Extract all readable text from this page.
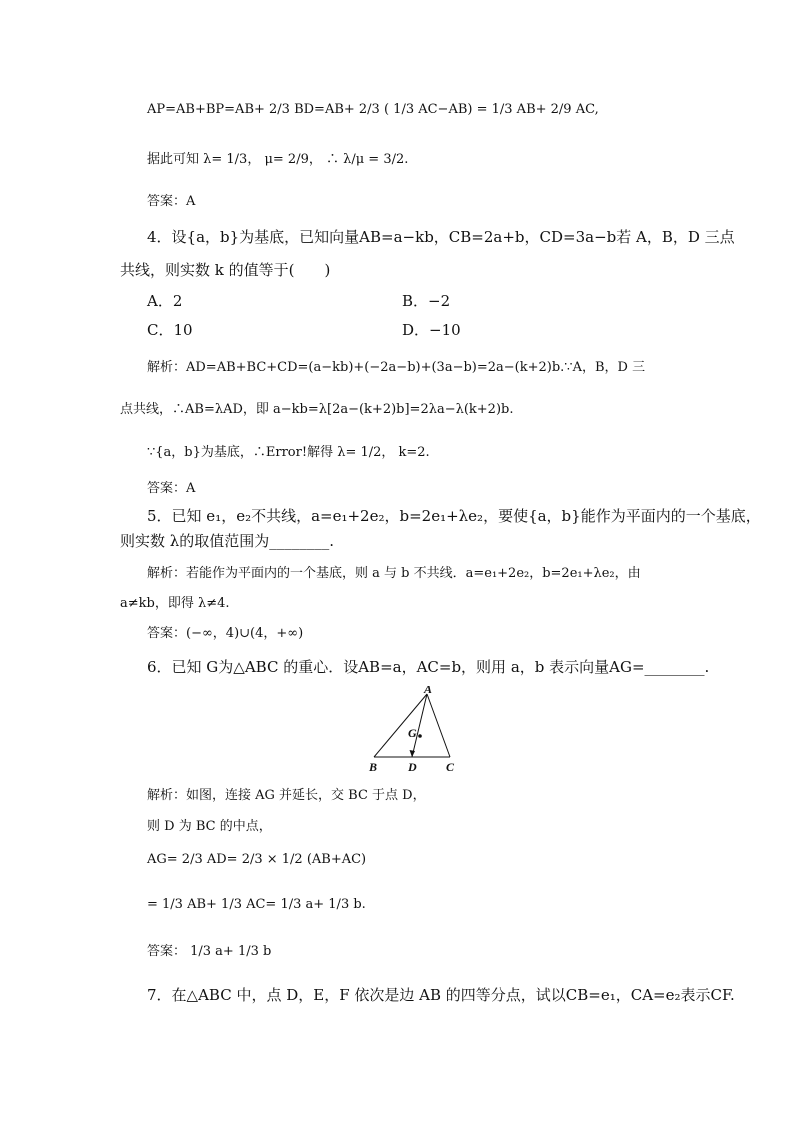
AP=AB+BP=AB+ 2/3 BD=AB+ 2/3 ( 1/3 AC−AB) = 1/3 AB+ 2/9 AC,
据此可知 λ= 1/3， μ= 2/9， ∴ λ/μ = 3/2.
答案：A
4．设{a，b}为基底，已知向量AB=a−kb，CB=2a+b，CD=3a−b若 A，B，D 三点
共线，则实数 k 的值等于(　　)
A．2	B．−2
C．10	D．−10
解析：AD=AB+BC+CD=(a−kb)+(−2a−b)+(3a−b)=2a−(k+2)b.∵A，B，D 三
点共线，∴AB=λAD，即 a−kb=λ[2a−(k+2)b]=2λa−λ(k+2)b.
∵{a，b}为基底，∴Error!解得 λ= 1/2， k=2.
答案：A
5．已知 e₁，e₂不共线，a=e₁+2e₂，b=2e₁+λe₂，要使{a，b}能作为平面内的一个基底，
则实数 λ的取值范围为________.
解析：若能作为平面内的一个基底，则 a 与 b 不共线．a=e₁+2e₂，b=2e₁+λe₂，由
a≠kb，即得 λ≠4.
答案：(−∞，4)∪(4，+∞)
6．已知 G为△ABC 的重心．设AB=a，AC=b，则用 a，b 表示向量AG=________.
解析：如图，连接 AG 并延长，交 BC 于点 D，
则 D 为 BC 的中点，
AG= 2/3 AD= 2/3 × 1/2 (AB+AC)
= 1/3 AB+ 1/3 AC= 1/3 a+ 1/3 b.
答案： 1/3 a+ 1/3 b
7．在△ABC 中，点 D，E，F 依次是边 AB 的四等分点，试以CB=e₁，CA=e₂表示CF.
A
G
B	D C
